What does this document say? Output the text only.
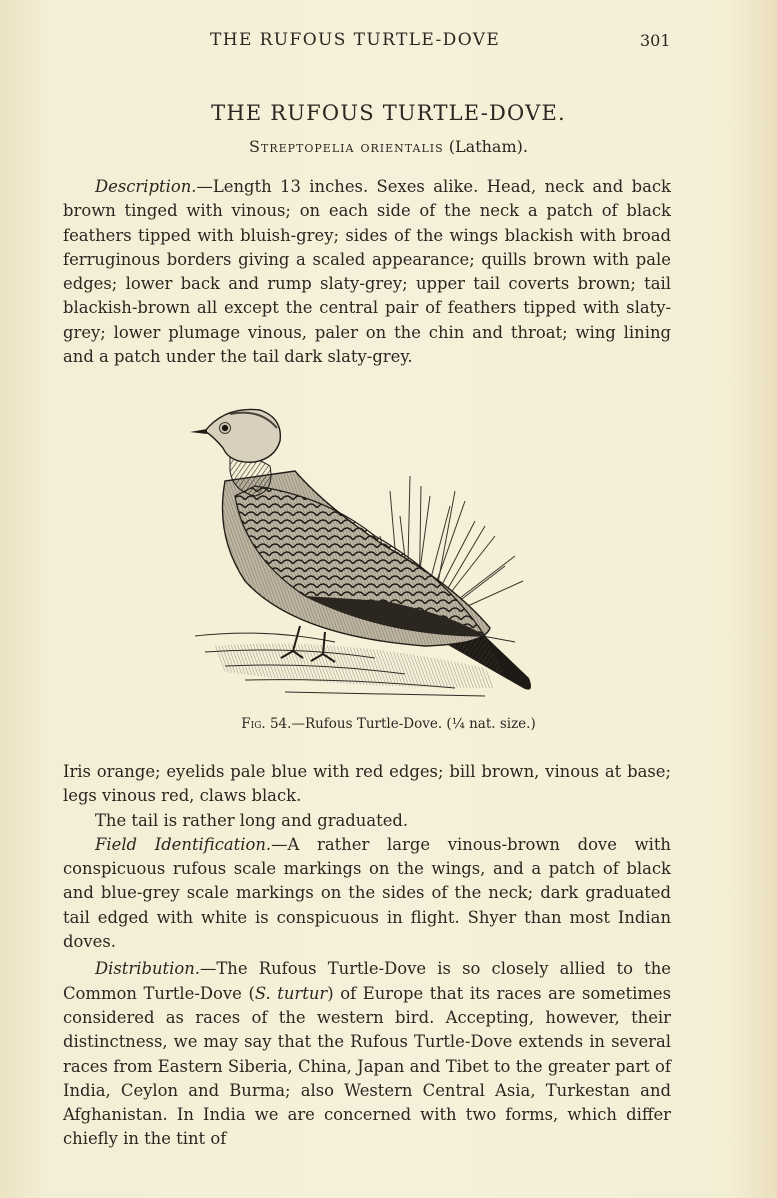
THE RUFOUS TURTLE-DOVE	301
THE RUFOUS TURTLE-DOVE.
Streptopelia orientalis (Latham).

Description.—Length 13 inches. Sexes alike. Head, neck and back brown tinged with vinous; on each side of the neck a patch of black feathers tipped with bluish-grey; sides of the wings blackish with broad ferruginous borders giving a scaled appearance; quills brown with pale edges; lower back and rump slaty-grey; upper tail coverts brown; tail blackish-brown all except the central pair of feathers tipped with slaty-grey; lower plumage vinous, paler on the chin and throat; wing lining and a patch under the tail dark slaty-grey.

Fig. 54.—Rufous Turtle-Dove. (¼ nat. size.)

Iris orange; eyelids pale blue with red edges; bill brown, vinous at base; legs vinous red, claws black.

The tail is rather long and graduated.

Field Identification.—A rather large vinous-brown dove with conspicuous rufous scale markings on the wings, and a patch of black and blue-grey scale markings on the sides of the neck; dark graduated tail edged with white is conspicuous in flight. Shyer than most Indian doves.

Distribution.—The Rufous Turtle-Dove is so closely allied to the Common Turtle-Dove (S. turtur) of Europe that its races are sometimes considered as races of the western bird. Accepting, however, their distinctness, we may say that the Rufous Turtle-Dove extends in several races from Eastern Siberia, China, Japan and Tibet to the greater part of India, Ceylon and Burma; also Western Central Asia, Turkestan and Afghanistan. In India we are concerned with two forms, which differ chiefly in the tint of
